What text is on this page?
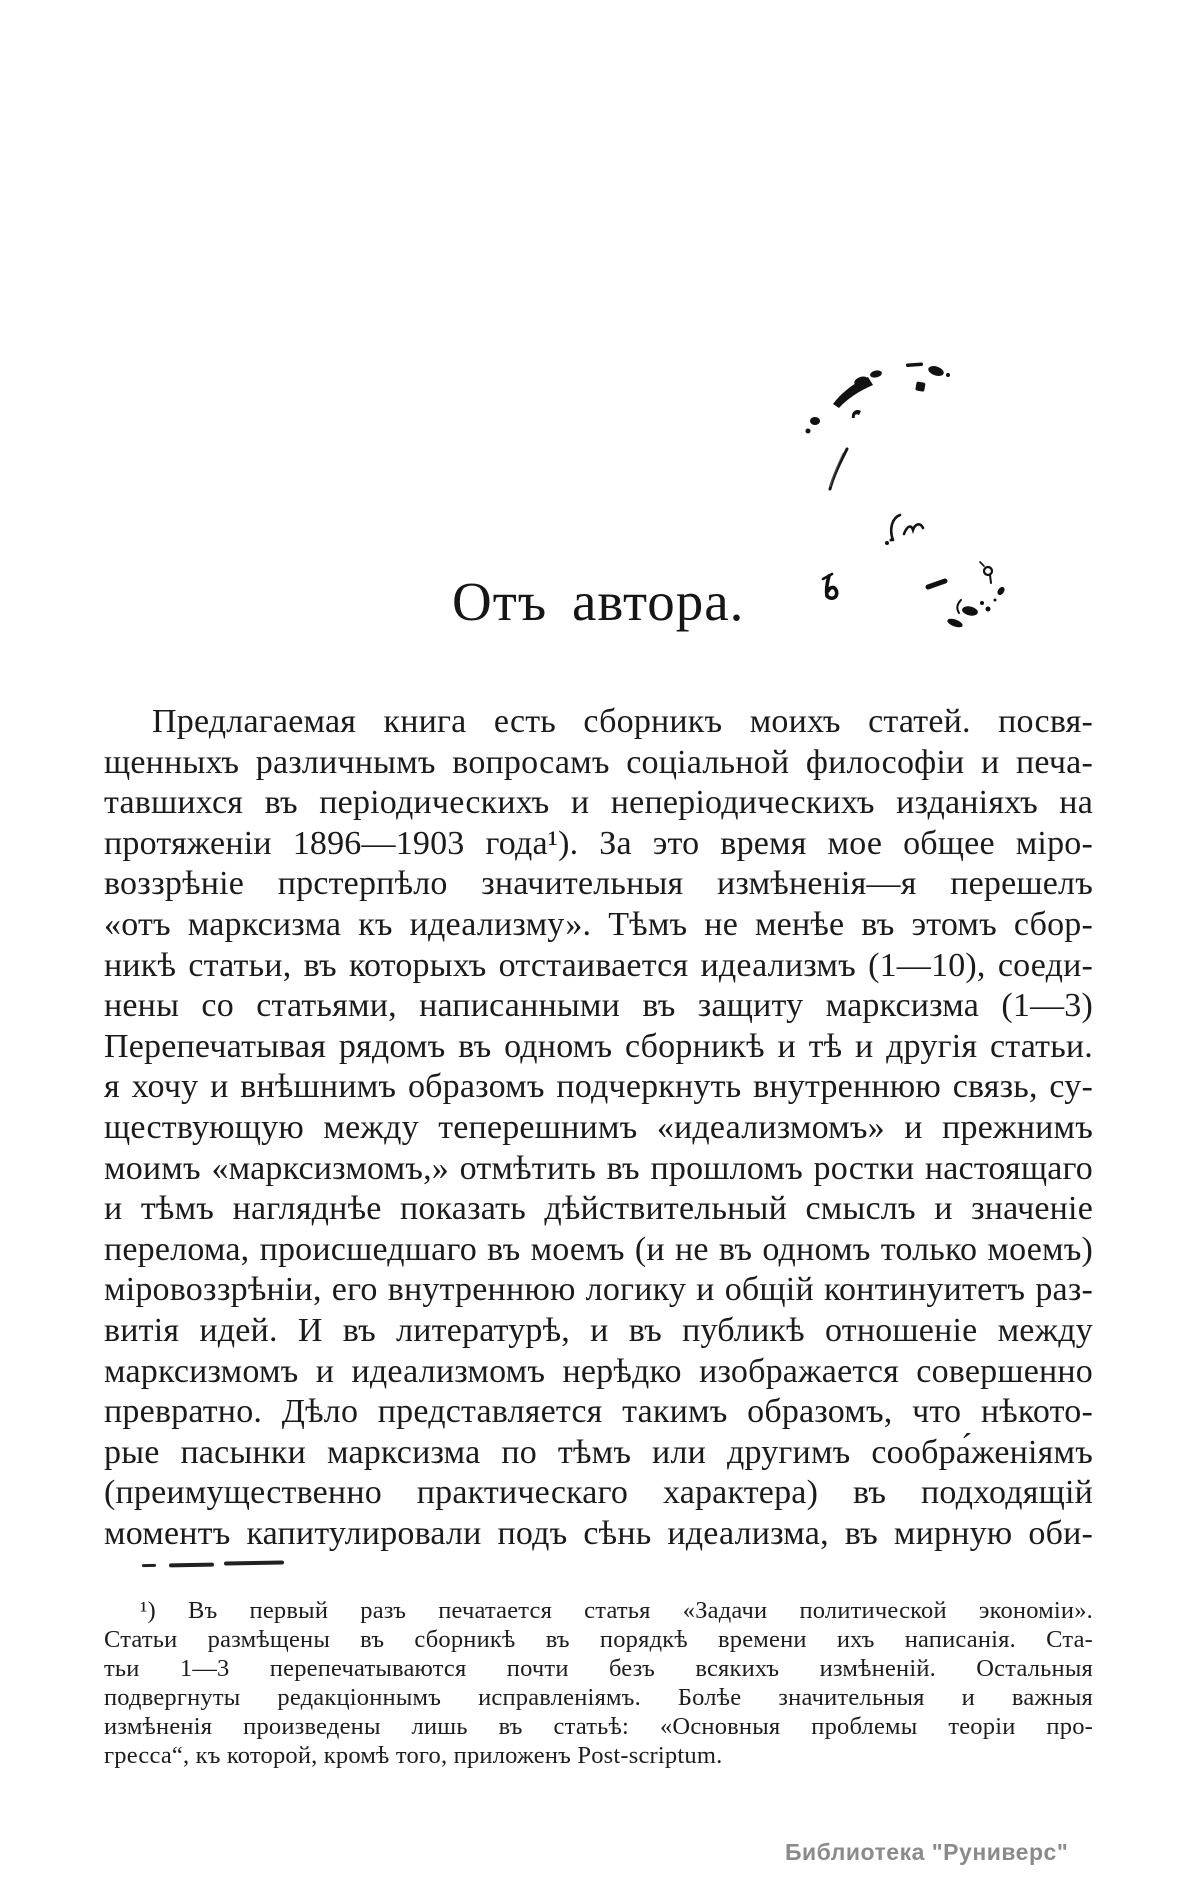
Отъ автора.
Предлагаемая книга есть сборникъ моихъ статей. посвя-
щенныхъ различнымъ вопросамъ соціальной философіи и печа-
тавшихся въ періодическихъ и неперіодическихъ изданіяхъ на
протяженіи 1896—1903 года¹). За это время мое общее міро-
воззрѣніе прстерпѣло значительныя измѣненія—я перешелъ
«отъ марксизма къ идеализму». Тѣмъ не менѣе въ этомъ сбор-
никѣ статьи, въ которыхъ отстаивается идеализмъ (1—10), соеди-
нены со статьями, написанными въ защиту марксизма (1—3)
Перепечатывая рядомъ въ одномъ сборникѣ и тѣ и другія статьи.
я хочу и внѣшнимъ образомъ подчеркнуть внутреннюю связь, су-
ществующую между теперешнимъ «идеализмомъ» и прежнимъ
моимъ «марксизмомъ,» отмѣтить въ прошломъ ростки настоящаго
и тѣмъ нагляднѣе показать дѣйствительный смыслъ и значеніе
перелома, происшедшаго въ моемъ (и не въ одномъ только моемъ)
міровоззрѣніи, его внутреннюю логику и общій континуитетъ раз-
витія идей. И въ литературѣ, и въ публикѣ отношеніе между
марксизмомъ и идеализмомъ нерѣдко изображается совершенно
превратно. Дѣло представляется такимъ образомъ, что нѣкото-
рые пасынки марксизма по тѣмъ или другимъ сообра́женіямъ
(преимущественно практическаго характера) въ подходящій
моментъ капитулировали подъ сѣнь идеализма, въ мирную оби-
¹) Въ первый разъ печатается статья «Задачи политической экономіи».
Статьи размѣщены въ сборникѣ въ порядкѣ времени ихъ написанія. Ста-
тьи 1—3 перепечатываются почти безъ всякихъ измѣненій. Остальныя
подвергнуты редакціоннымъ исправленіямъ. Болѣе значительныя и важныя
измѣненія произведены лишь въ статьѣ: «Основныя проблемы теоріи про-
гресса“, къ которой, кромѣ того, приложенъ Post-scriptum.
Библиотека "Руниверс"
